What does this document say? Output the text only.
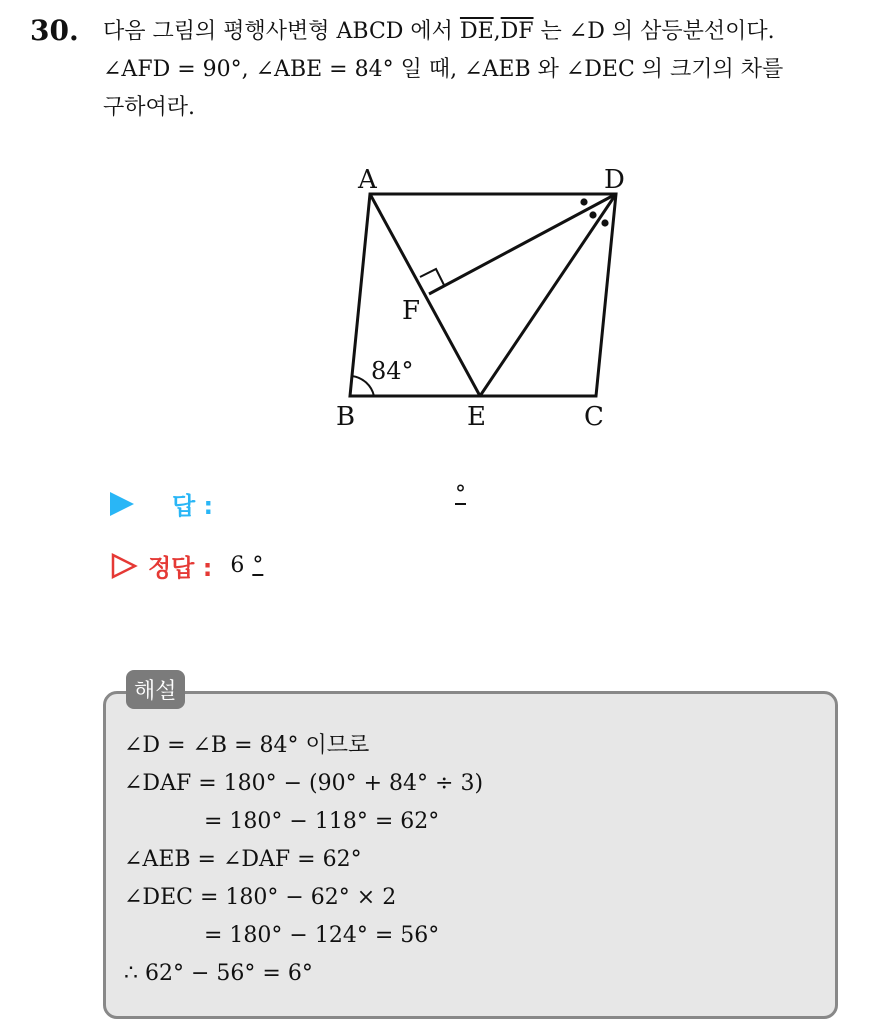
30. 다음 그림의 평행사변형 ABCD 에서 $\overline{DE},\overline{DF}$ 는 ∠D 의 삼등분선이다.
∠AFD = 90°, ∠ABE = 84° 일 때, ∠AEB 와 ∠DEC 의 크기의 차를
구하여라.
A	D
B	E	C
F
84°
답 :	°
정답 : 6 °
해설
∠D = ∠B = 84° 이므로
∠DAF = 180° − (90° + 84° ÷ 3)
= 180° − 118° = 62°
∠AEB = ∠DAF = 62°
∠DEC = 180° − 62° × 2
= 180° − 124° = 56°
∴ 62° − 56° = 6°
